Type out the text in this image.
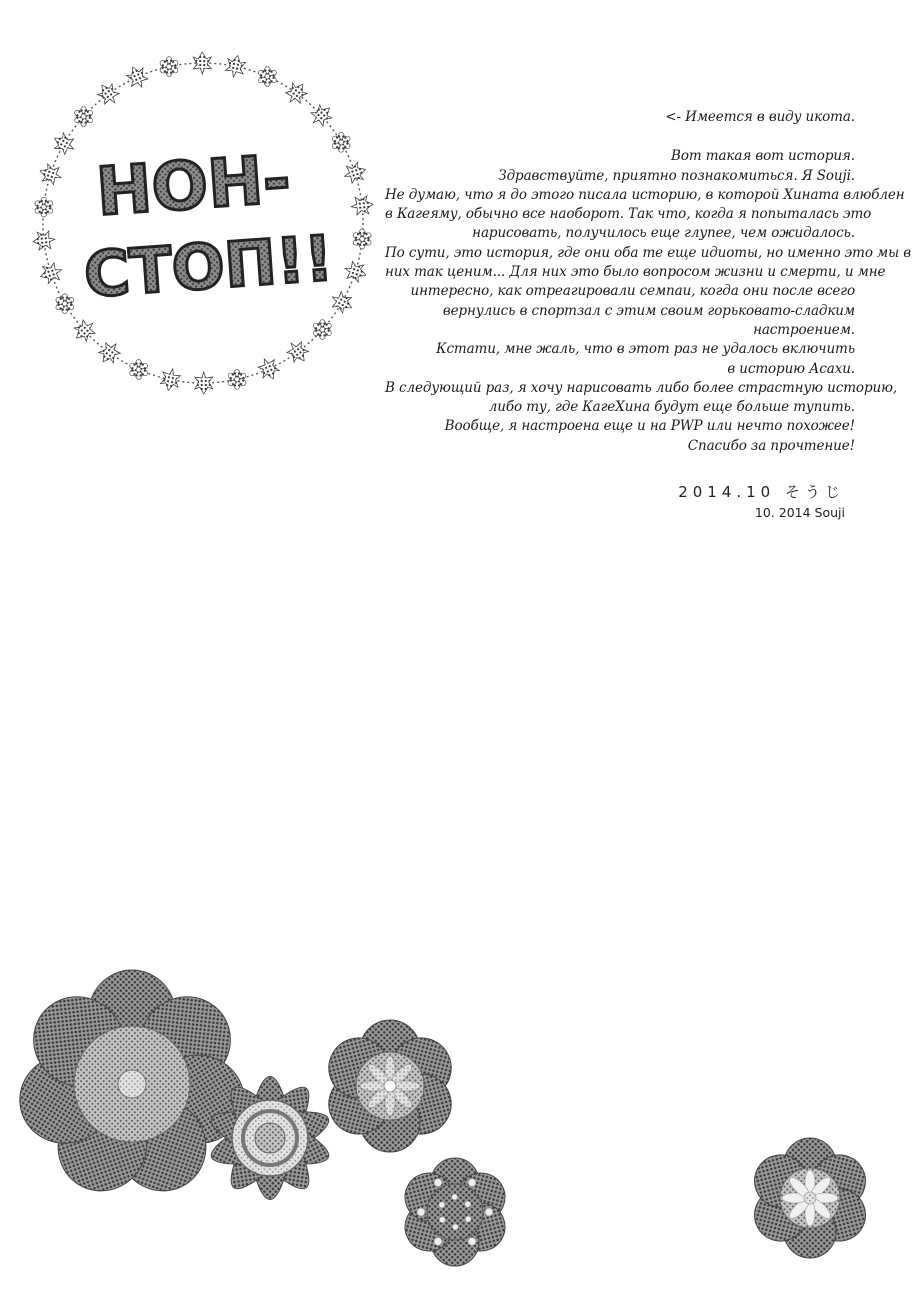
НОН-
СТОП!!
<- Имеется в виду икота.
Вот такая вот история.
Здравствуйте, приятно познакомиться. Я Souji.
Не думаю, что я до этого писала историю, в которой Хината влюблен
в Кагеяму, обычно все наоборот. Так что, когда я попыталась это
нарисовать, получилось еще глупее, чем ожидалось.
По сути, это история, где они оба те еще идиоты, но именно это мы в
них так ценим... Для них это было вопросом жизни и смерти, и мне
интересно, как отреагировали семпаи, когда они после всего
вернулись в спортзал с этим своим горьковато-сладким
настроением.
Кстати, мне жаль, что в этот раз не удалось включить
в историю Асахи.
В следующий раз, я хочу нарисовать либо более страстную историю,
либо ту, где КагеХина будут еще больше тупить.
Вообще, я настроена еще и на PWP или нечто похожее!
Спасибо за прочтение!
2014.10 そうじ
10. 2014 Souji
